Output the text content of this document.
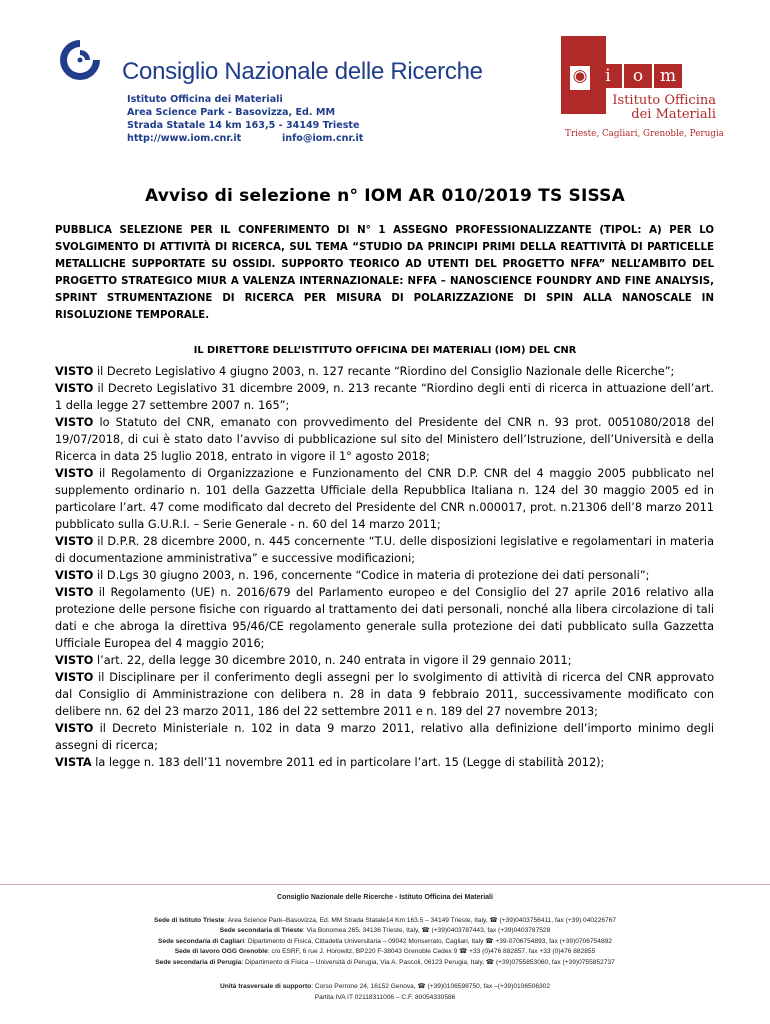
Consiglio Nazionale delle Ricerche
Istituto Officina dei Materiali
Area Science Park - Basovizza, Ed. MM
Strada Statale 14 km 163,5 - 34149 Trieste
http://www.iom.cnr.it	info@iom.cnr.it
◉	i	o m
Istituto Officina
dei Materiali
Trieste, Cagliari, Grenoble, Perugia
Avviso di selezione n° IOM AR 010/2019 TS SISSA
PUBBLICA SELEZIONE PER IL CONFERIMENTO DI N° 1 ASSEGNO PROFESSIONALIZZANTE (TIPOL: A) PER LO SVOLGIMENTO DI ATTIVITÀ DI RICERCA, SUL TEMA “STUDIO DA PRINCIPI PRIMI DELLA REATTIVITÀ DI PARTICELLE METALLICHE SUPPORTATE SU OSSIDI. SUPPORTO TEORICO AD UTENTI DEL PROGETTO NFFA” NELL’AMBITO DEL PROGETTO STRATEGICO MIUR A VALENZA INTERNAZIONALE: NFFA – NANOSCIENCE FOUNDRY AND FINE ANALYSIS, SPRINT STRUMENTAZIONE DI RICERCA PER MISURA DI POLARIZZAZIONE DI SPIN ALLA NANOSCALE IN RISOLUZIONE TEMPORALE.
IL DIRETTORE DELL’ISTITUTO OFFICINA DEI MATERIALI (IOM) DEL CNR

VISTO il Decreto Legislativo 4 giugno 2003, n. 127 recante “Riordino del Consiglio Nazionale delle Ricerche”;

VISTO il Decreto Legislativo 31 dicembre 2009, n. 213 recante “Riordino degli enti di ricerca in attuazione dell’art. 1 della legge 27 settembre 2007 n. 165”;

VISTO lo Statuto del CNR, emanato con provvedimento del Presidente del CNR n. 93 prot. 0051080/2018 del 19/07/2018, di cui è stato dato l’avviso di pubblicazione sul sito del Ministero dell’Istruzione, dell’Università e della Ricerca in data 25 luglio 2018, entrato in vigore il 1° agosto 2018;

VISTO il Regolamento di Organizzazione e Funzionamento del CNR D.P. CNR del 4 maggio 2005 pubblicato nel supplemento ordinario n. 101 della Gazzetta Ufficiale della Repubblica Italiana n. 124 del 30 maggio 2005 ed in particolare l’art. 47 come modificato dal decreto del Presidente del CNR n.000017, prot. n.21306 dell’8 marzo 2011 pubblicato sulla G.U.R.I. – Serie Generale - n. 60 del 14 marzo 2011;

VISTO il D.P.R. 28 dicembre 2000, n. 445 concernente “T.U. delle disposizioni legislative e regolamentari in materia di documentazione amministrativa” e successive modificazioni;

VISTO il D.Lgs 30 giugno 2003, n. 196, concernente “Codice in materia di protezione dei dati personali”;

VISTO il Regolamento (UE) n. 2016/679 del Parlamento europeo e del Consiglio del 27 aprile 2016 relativo alla protezione delle persone fisiche con riguardo al trattamento dei dati personali, nonché alla libera circolazione di tali dati e che abroga la direttiva 95/46/CE regolamento generale sulla protezione dei dati pubblicato sulla Gazzetta Ufficiale Europea del 4 maggio 2016;

VISTO l’art. 22, della legge 30 dicembre 2010, n. 240 entrata in vigore il 29 gennaio 2011;

VISTO il Disciplinare per il conferimento degli assegni per lo svolgimento di attività di ricerca del CNR approvato dal Consiglio di Amministrazione con delibera n. 28 in data 9 febbraio 2011, successivamente modificato con delibere nn. 62 del 23 marzo 2011, 186 del 22 settembre 2011 e n. 189 del 27 novembre 2013;

VISTO il Decreto Ministeriale n. 102 in data 9 marzo 2011, relativo alla definizione dell’importo minimo degli assegni di ricerca;

VISTA la legge n. 183 dell’11 novembre 2011 ed in particolare l’art. 15 (Legge di stabilità 2012);

Consiglio Nazionale delle Ricerche - Istituto Officina dei Materiali
Sede di Istituto Trieste: Area Science Park–Basovizza, Ed. MM Strada Statale14 Km 163.5 – 34149 Trieste, Italy, ☎ (+39)0403756411, fax (+39) 040226767
Sede secondaria di Trieste: Via Bonomea 265, 34136 Trieste, Italy, ☎ (+39)0403787443, fax (+39)0403787528
Sede secondaria di Cagliari: Dipartimento di Fisica, Cittadella Universitaria – 09042 Monserrato, Cagliari, Italy ☎ +39-0706754893, fax (+39)0706754892
Sede di lavoro OGG Grenoble: c/o ESRF, 6 rue J. Horowitz, BP220 F-38043 Grenoble Cedex 9 ☎ +33 (0)476 882857, fax +33 (0)476 882855
Sede secondaria di Perugia: Dipartimento di Fisica – Università di Perugia, Via A. Pascoli, 06123 Perugia, Italy, ☎ (+39)0755853060, fax (+39)0755852737
Unità trasversale di supporto: Corso Perrone 24, 16152 Genova, ☎ (+39)0106598750, fax –(+39)0106506302
Partita IVA IT 02118311006 – C.F. 80054330586
